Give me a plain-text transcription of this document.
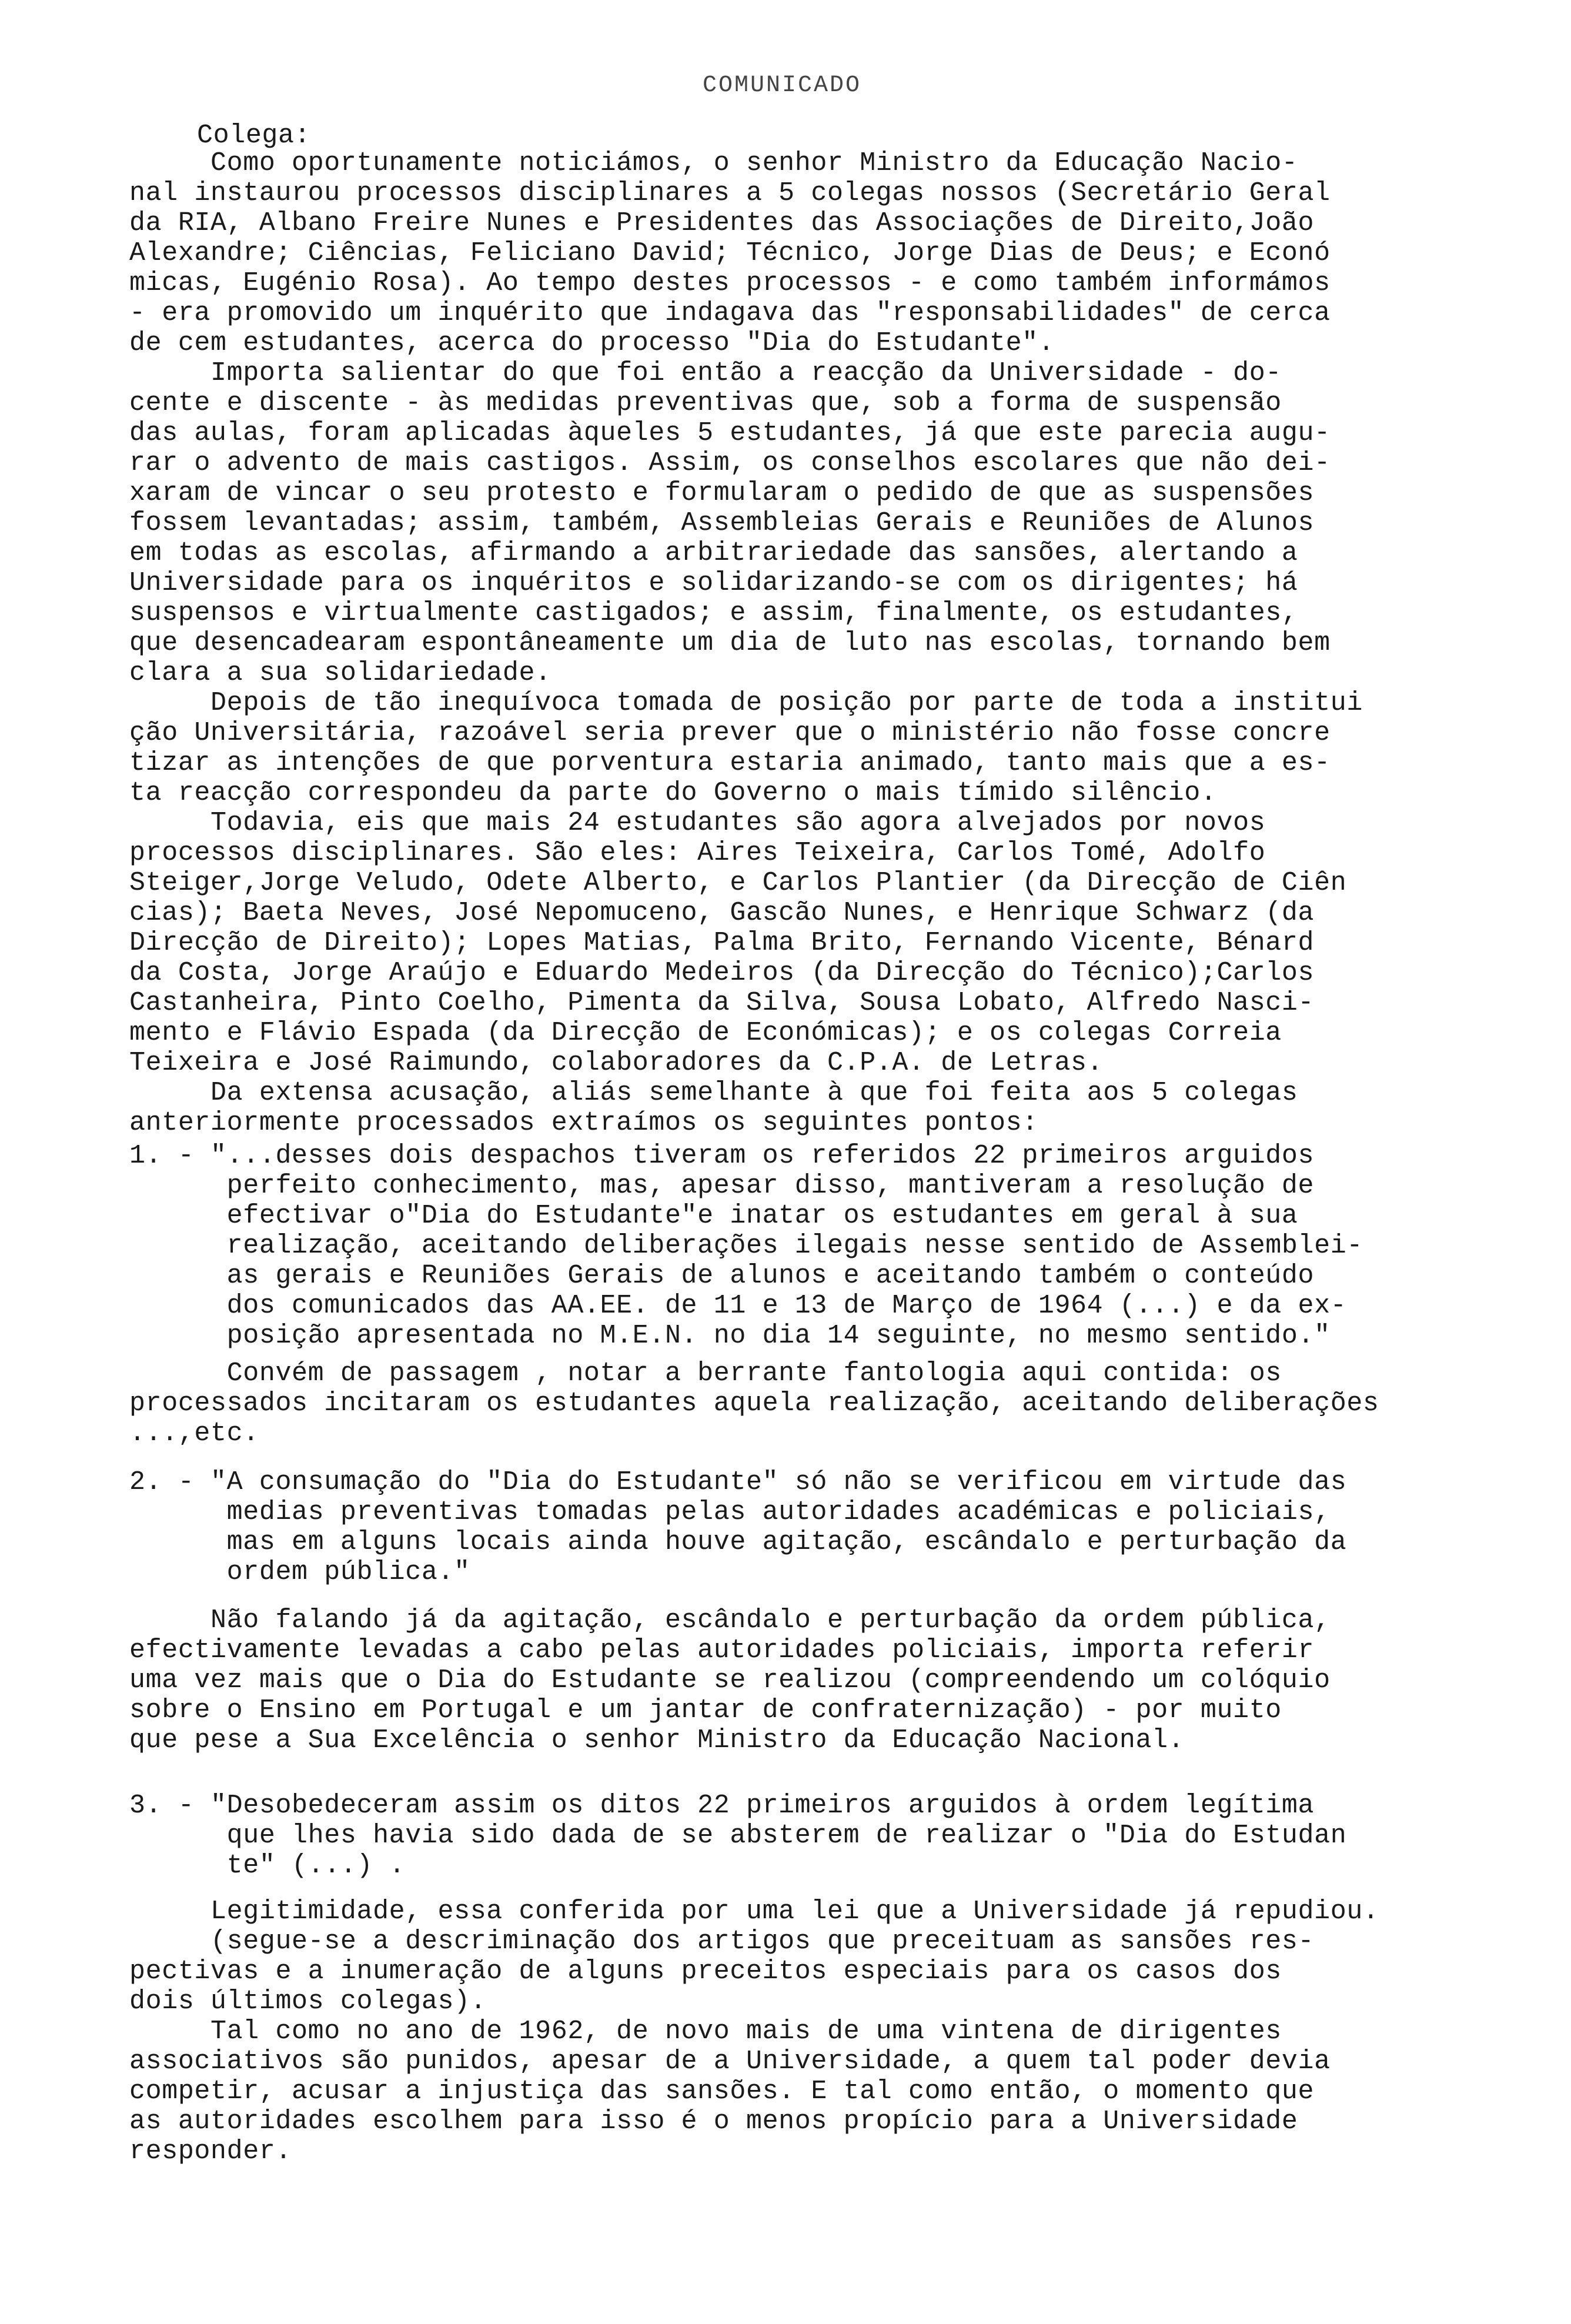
COMUNICADO
Colega:
Como oportunamente noticiámos, o senhor Ministro da Educação Nacio-
nal instaurou processos disciplinares a 5 colegas nossos (Secretário Geral
da RIA, Albano Freire Nunes e Presidentes das Associações de Direito,João
Alexandre; Ciências, Feliciano David; Técnico, Jorge Dias de Deus; e Econó
micas, Eugénio Rosa). Ao tempo destes processos - e como também informámos
- era promovido um inquérito que indagava das "responsabilidades" de cerca
de cem estudantes, acerca do processo "Dia do Estudante".
Importa salientar do que foi então a reacção da Universidade - do-
cente e discente - às medidas preventivas que, sob a forma de suspensão
das aulas, foram aplicadas àqueles 5 estudantes, já que este parecia augu-
rar o advento de mais castigos. Assim, os conselhos escolares que não dei-
xaram de vincar o seu protesto e formularam o pedido de que as suspensões
fossem levantadas; assim, também, Assembleias Gerais e Reuniões de Alunos
em todas as escolas, afirmando a arbitrariedade das sansões, alertando a
Universidade para os inquéritos e solidarizando-se com os dirigentes; há
suspensos e virtualmente castigados; e assim, finalmente, os estudantes,
que desencadearam espontâneamente um dia de luto nas escolas, tornando bem
clara a sua solidariedade.
Depois de tão inequívoca tomada de posição por parte de toda a institui
ção Universitária, razoável seria prever que o ministério não fosse concre
tizar as intenções de que porventura estaria animado, tanto mais que a es-
ta reacção correspondeu da parte do Governo o mais tímido silêncio.
Todavia, eis que mais 24 estudantes são agora alvejados por novos
processos disciplinares. São eles: Aires Teixeira, Carlos Tomé, Adolfo
Steiger,Jorge Veludo, Odete Alberto, e Carlos Plantier (da Direcção de Ciên
cias); Baeta Neves, José Nepomuceno, Gascão Nunes, e Henrique Schwarz (da
Direcção de Direito); Lopes Matias, Palma Brito, Fernando Vicente, Bénard
da Costa, Jorge Araújo e Eduardo Medeiros (da Direcção do Técnico);Carlos
Castanheira, Pinto Coelho, Pimenta da Silva, Sousa Lobato, Alfredo Nasci-
mento e Flávio Espada (da Direcção de Económicas); e os colegas Correia
Teixeira e José Raimundo, colaboradores da C.P.A. de Letras.
Da extensa acusação, aliás semelhante à que foi feita aos 5 colegas
anteriormente processados extraímos os seguintes pontos:
1. - "...desses dois despachos tiveram os referidos 22 primeiros arguidos
perfeito conhecimento, mas, apesar disso, mantiveram a resolução de
efectivar o"Dia do Estudante"e inatar os estudantes em geral à sua
realização, aceitando deliberações ilegais nesse sentido de Assemblei-
as gerais e Reuniões Gerais de alunos e aceitando também o conteúdo
dos comunicados das AA.EE. de 11 e 13 de Março de 1964 (...) e da ex-
posição apresentada no M.E.N. no dia 14 seguinte, no mesmo sentido."
Convém de passagem , notar a berrante fantologia aqui contida: os
processados incitaram os estudantes aquela realização, aceitando deliberações
...,etc.
2. - "A consumação do "Dia do Estudante" só não se verificou em virtude das
medias preventivas tomadas pelas autoridades académicas e policiais,
mas em alguns locais ainda houve agitação, escândalo e perturbação da
ordem pública."
Não falando já da agitação, escândalo e perturbação da ordem pública,
efectivamente levadas a cabo pelas autoridades policiais, importa referir
uma vez mais que o Dia do Estudante se realizou (compreendendo um colóquio
sobre o Ensino em Portugal e um jantar de confraternização) - por muito
que pese a Sua Excelência o senhor Ministro da Educação Nacional.
3. - "Desobedeceram assim os ditos 22 primeiros arguidos à ordem legítima
que lhes havia sido dada de se absterem de realizar o "Dia do Estudan
te" (...) .
Legitimidade, essa conferida por uma lei que a Universidade já repudiou.
(segue-se a descriminação dos artigos que preceituam as sansões res-
pectivas e a inumeração de alguns preceitos especiais para os casos dos
dois últimos colegas).
Tal como no ano de 1962, de novo mais de uma vintena de dirigentes
associativos são punidos, apesar de a Universidade, a quem tal poder devia
competir, acusar a injustiça das sansões. E tal como então, o momento que
as autoridades escolhem para isso é o menos propício para a Universidade
responder.
